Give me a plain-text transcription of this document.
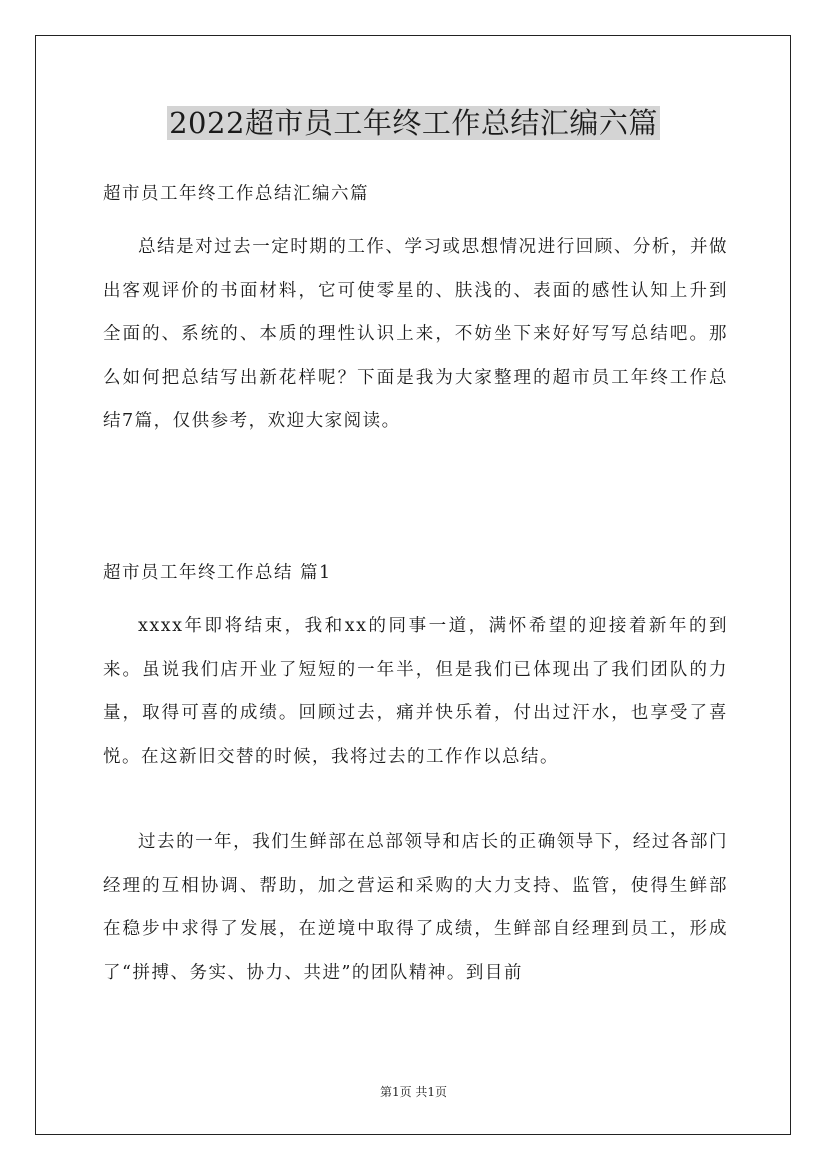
2022超市员工年终工作总结汇编六篇
超市员工年终工作总结汇编六篇

总结是对过去一定时期的工作、学习或思想情况进行回顾、分析，并做出客观评价的书面材料，它可使零星的、肤浅的、表面的感性认知上升到全面的、系统的、本质的理性认识上来，不妨坐下来好好写写总结吧。那么如何把总结写出新花样呢？下面是我为大家整理的超市员工年终工作总结7篇，仅供参考，欢迎大家阅读。

超市员工年终工作总结 篇1

xxxx年即将结束，我和xx的同事一道，满怀希望的迎接着新年的到来。虽说我们店开业了短短的一年半，但是我们已体现出了我们团队的力量，取得可喜的成绩。回顾过去，痛并快乐着，付出过汗水，也享受了喜悦。在这新旧交替的时候，我将过去的工作作以总结。

过去的一年，我们生鲜部在总部领导和店长的正确领导下，经过各部门经理的互相协调、帮助，加之营运和采购的大力支持、监管，使得生鲜部在稳步中求得了发展，在逆境中取得了成绩，生鲜部自经理到员工，形成了“拼搏、务实、协力、共进”的团队精神。到目前

第1页 共1页
